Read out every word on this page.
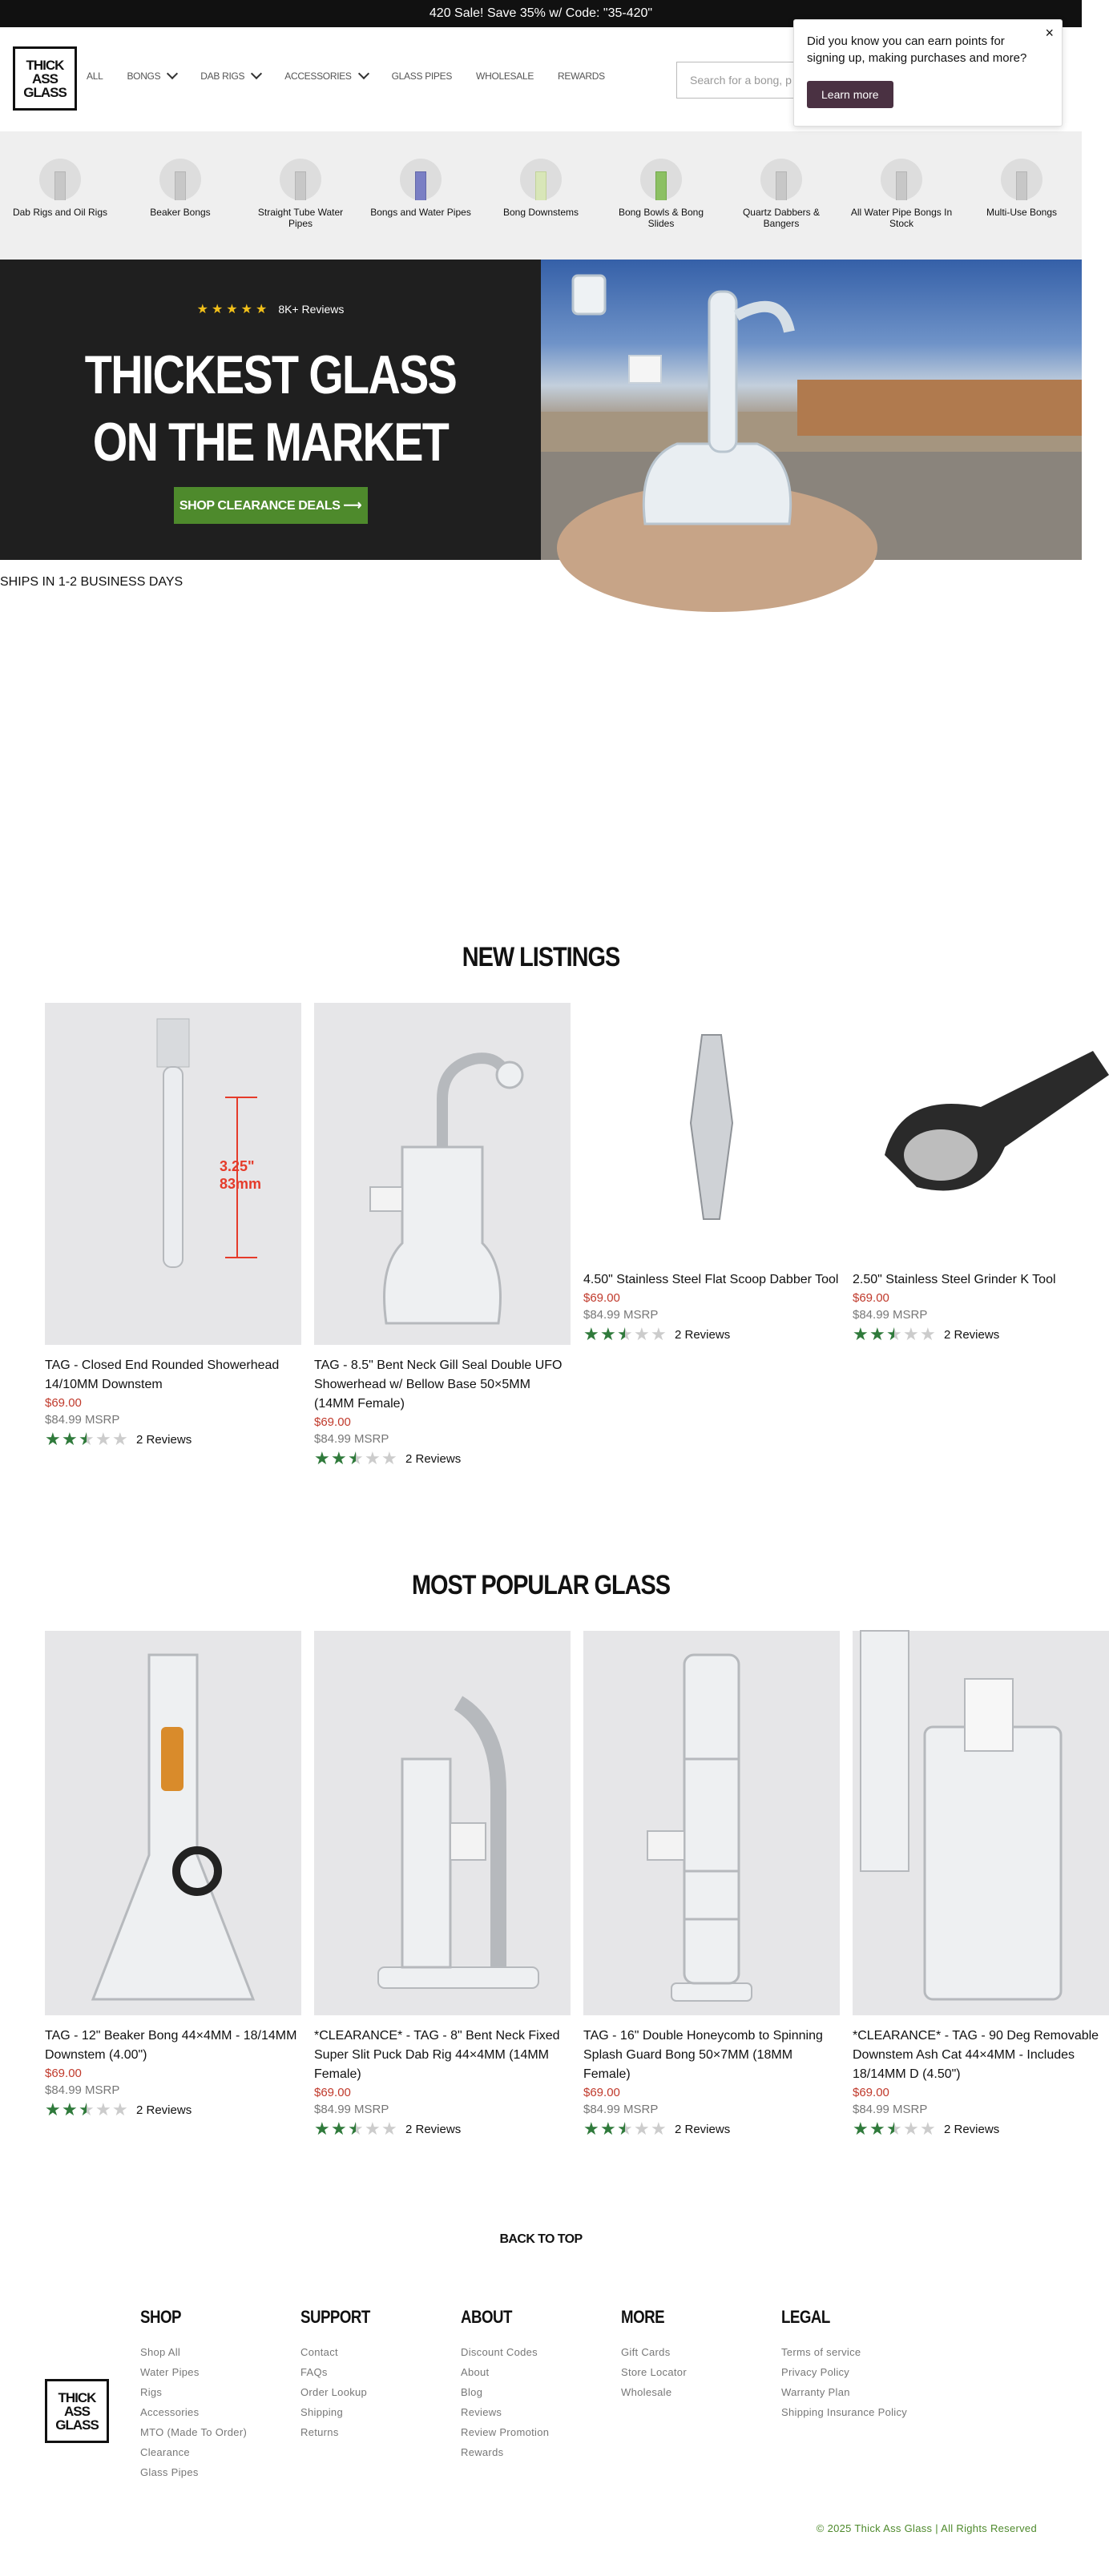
420 Sale! Save 35% w/ Code: "35-420"
THICK
ASS
GLASS
ALL	BONGS	DAB RIGS	ACCESSORIES	GLASS PIPES	WHOLESALE	REWARDS	Search for a bong, p
×
Did you know you can earn points for signing up, making purchases and more?
Learn more
Dab Rigs and Oil Rigs	Beaker Bongs	Straight Tube Water Pipes
Bongs and Water Pipes	Bong Downstems	Bong Bowls & Bong Slides
Quartz Dabbers & Bangers
All Water Pipe Bongs In Stock
Multi-Use Bongs
★★★★★ 8K+ Reviews
THICKEST GLASS
ON THE MARKET
SHOP CLEARANCE DEALS ⟶
SHIPS IN 1-2 BUSINESS DAYS
NEW LISTINGS
3.25"
83mm
TAG - Closed End Rounded Showerhead 14/10MM Downstem
$69.00
$84.99 MSRP
★ ★ ★ ★ ★ 2 Reviews
TAG - 8.5" Bent Neck Gill Seal Double UFO Showerhead w/ Bellow Base 50×5MM (14MM Female)
$69.00
$84.99 MSRP
★ ★ ★ ★ ★ 2 Reviews
4.50" Stainless Steel Flat Scoop Dabber Tool
$69.00
$84.99 MSRP
★ ★ ★ ★ ★ 2 Reviews
2.50" Stainless Steel Grinder K Tool
$69.00
$84.99 MSRP
★ ★ ★ ★ ★ 2 Reviews
MOST POPULAR GLASS
TAG - 12" Beaker Bong 44×4MM - 18/14MM Downstem (4.00")
$69.00
$84.99 MSRP
★ ★ ★ ★ ★ 2 Reviews
*CLEARANCE* - TAG - 8" Bent Neck Fixed Super Slit Puck Dab Rig 44×4MM (14MM Female)
$69.00
$84.99 MSRP
★ ★ ★ ★ ★ 2 Reviews
TAG - 16" Double Honeycomb to Spinning Splash Guard Bong 50×7MM (18MM Female)
$69.00
$84.99 MSRP
★ ★ ★ ★ ★ 2 Reviews
*CLEARANCE* - TAG - 90 Deg Removable Downstem Ash Cat 44×4MM - Includes 18/14MM D (4.50")
$69.00
$84.99 MSRP
★ ★ ★ ★ ★ 2 Reviews
BACK TO TOP
THICK
ASS
GLASS
SHOP
Shop All
Water Pipes
Rigs
Accessories
MTO (Made To Order)
Clearance
Glass Pipes
SUPPORT
Contact
FAQs
Order Lookup
Shipping
Returns
ABOUT
Discount Codes
About
Blog
Reviews
Review Promotion
Rewards
MORE
Gift Cards
Store Locator
Wholesale
LEGAL
Terms of service
Privacy Policy
Warranty Plan
Shipping Insurance Policy
© 2025 Thick Ass Glass | All Rights Reserved
